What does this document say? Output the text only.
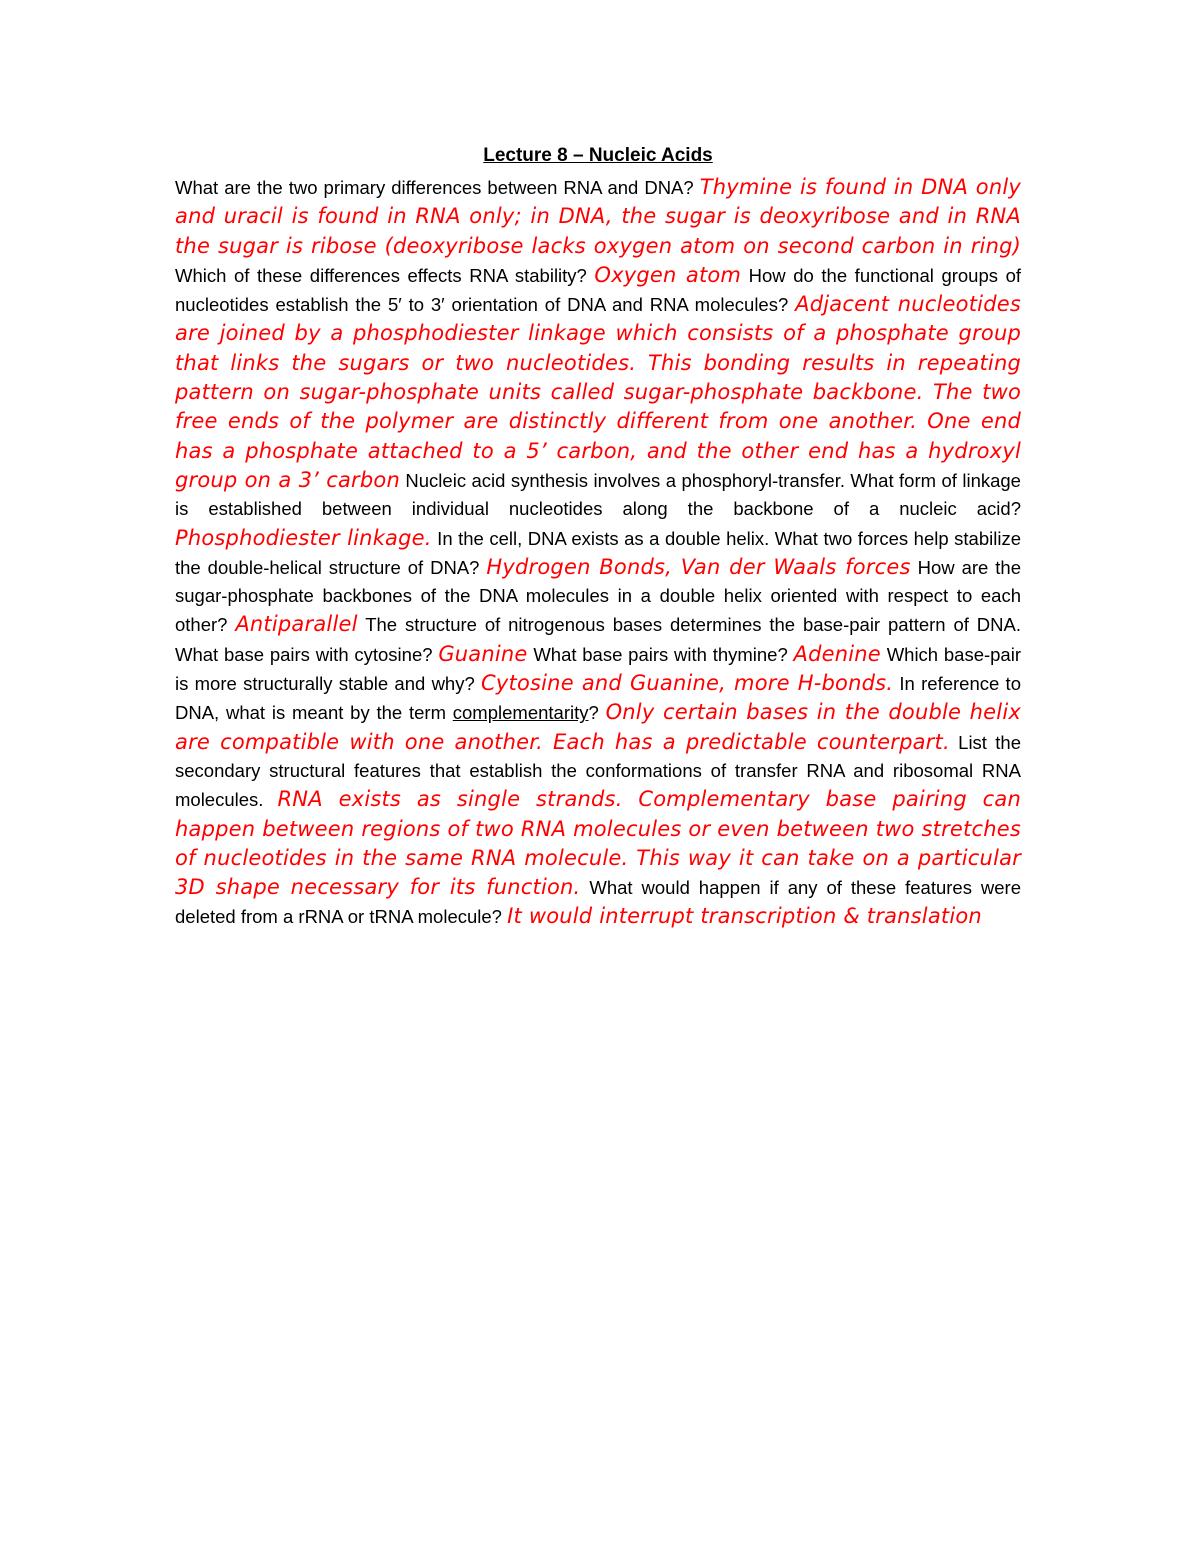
Lecture 8 – Nucleic Acids

What are the two primary differences between RNA and DNA? Thymine is found in DNA only and uracil is found in RNA only; in DNA, the sugar is deoxyribose and in RNA the sugar is ribose (deoxyribose lacks oxygen atom on second carbon in ring) Which of these differences effects RNA stability? Oxygen atom How do the functional groups of nucleotides establish the 5′ to 3′ orientation of DNA and RNA molecules? Adjacent nucleotides are joined by a phosphodiester linkage which consists of a phosphate group that links the sugars or two nucleotides. This bonding results in repeating pattern on sugar-phosphate units called sugar-phosphate backbone. The two free ends of the polymer are distinctly different from one another. One end has a phosphate attached to a 5’ carbon, and the other end has a hydroxyl group on a 3’ carbon Nucleic acid synthesis involves a phosphoryl-transfer. What form of linkage is established between individual nucleotides along the backbone of a nucleic acid? Phosphodiester linkage. In the cell, DNA exists as a double helix. What two forces help stabilize the double-helical structure of DNA? Hydrogen Bonds, Van der Waals forces How are the sugar-phosphate backbones of the DNA molecules in a double helix oriented with respect to each other? Antiparallel The structure of nitrogenous bases determines the base-pair pattern of DNA. What base pairs with cytosine? Guanine What base pairs with thymine? Adenine Which base-pair is more structurally stable and why? Cytosine and Guanine, more H-bonds. In reference to DNA, what is meant by the term complementarity? Only certain bases in the double helix are compatible with one another. Each has a predictable counterpart. List the secondary structural features that establish the conformations of transfer RNA and ribosomal RNA molecules. RNA exists as single strands. Complementary base pairing can happen between regions of two RNA molecules or even between two stretches of nucleotides in the same RNA molecule. This way it can take on a particular 3D shape necessary for its function. What would happen if any of these features were deleted from a rRNA or tRNA molecule? It would interrupt transcription & translation
